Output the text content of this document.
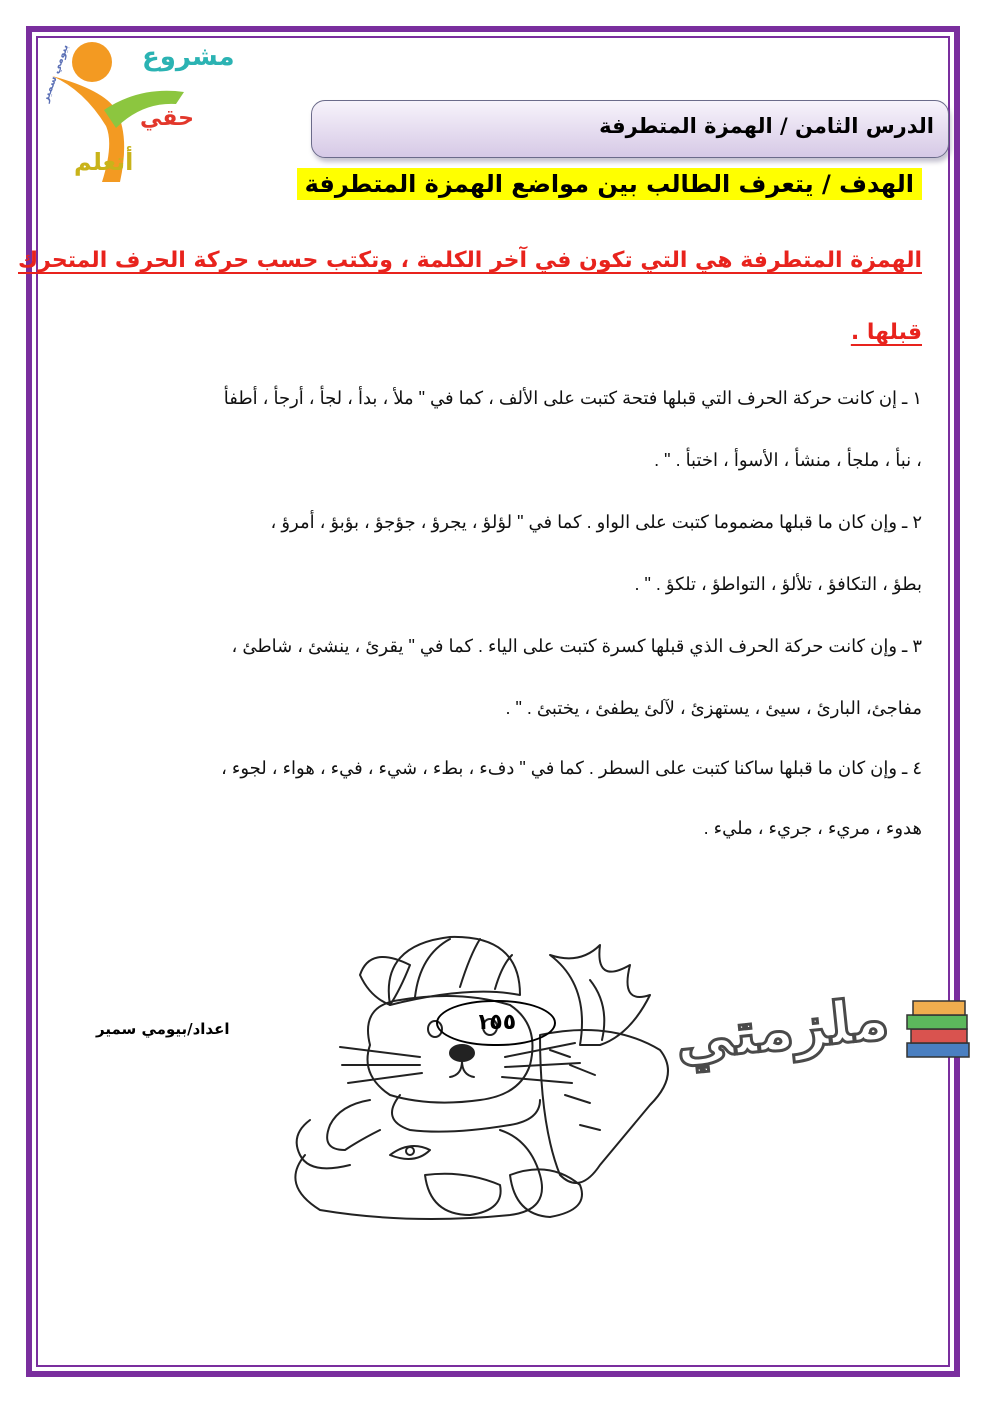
مشروع
حقي
أتعلم
بيومي سمير
الدرس الثامن / الهمزة المتطرفة
الهدف / يتعرف الطالب بين مواضع الهمزة المتطرفة
الهمزة المتطرفة هي التي تكون في آخر الكلمة ، وتكتب حسب حركة الحرف المتحرك
قبلها .
١ ـ إن كانت حركة الحرف التي قبلها فتحة كتبت على الألف ، كما في " ملأ ، بدأ ، لجأ ، أرجأ ، أطفأ
، نبأ ، ملجأ ، منشأ ، الأسوأ ، اختبأ . " .
٢ ـ وإن كان ما قبلها مضموما كتبت على الواو . كما في " لؤلؤ ، يجرؤ ، جؤجؤ ، بؤبؤ ، أمرؤ ،
بطؤ ، التكافؤ ، تلألؤ ، التواطؤ ، تلكؤ . " .
٣ ـ وإن كانت حركة الحرف الذي قبلها كسرة كتبت على الياء . كما في " يقرئ ، ينشئ ، شاطئ ،
مفاجئ، البارئ ، سيئ ، يستهزئ ، لآلئ يطفئ ، يختبئ . " .
٤ ـ وإن كان ما قبلها ساكنا كتبت على السطر . كما في " دفء ، بطء ، شيء ، فيء ، هواء ، لجوء ،
هدوء ، مريء ، جريء ، مليء .
اعداد/بيومي سمير	١٥٥	ملزمتي
